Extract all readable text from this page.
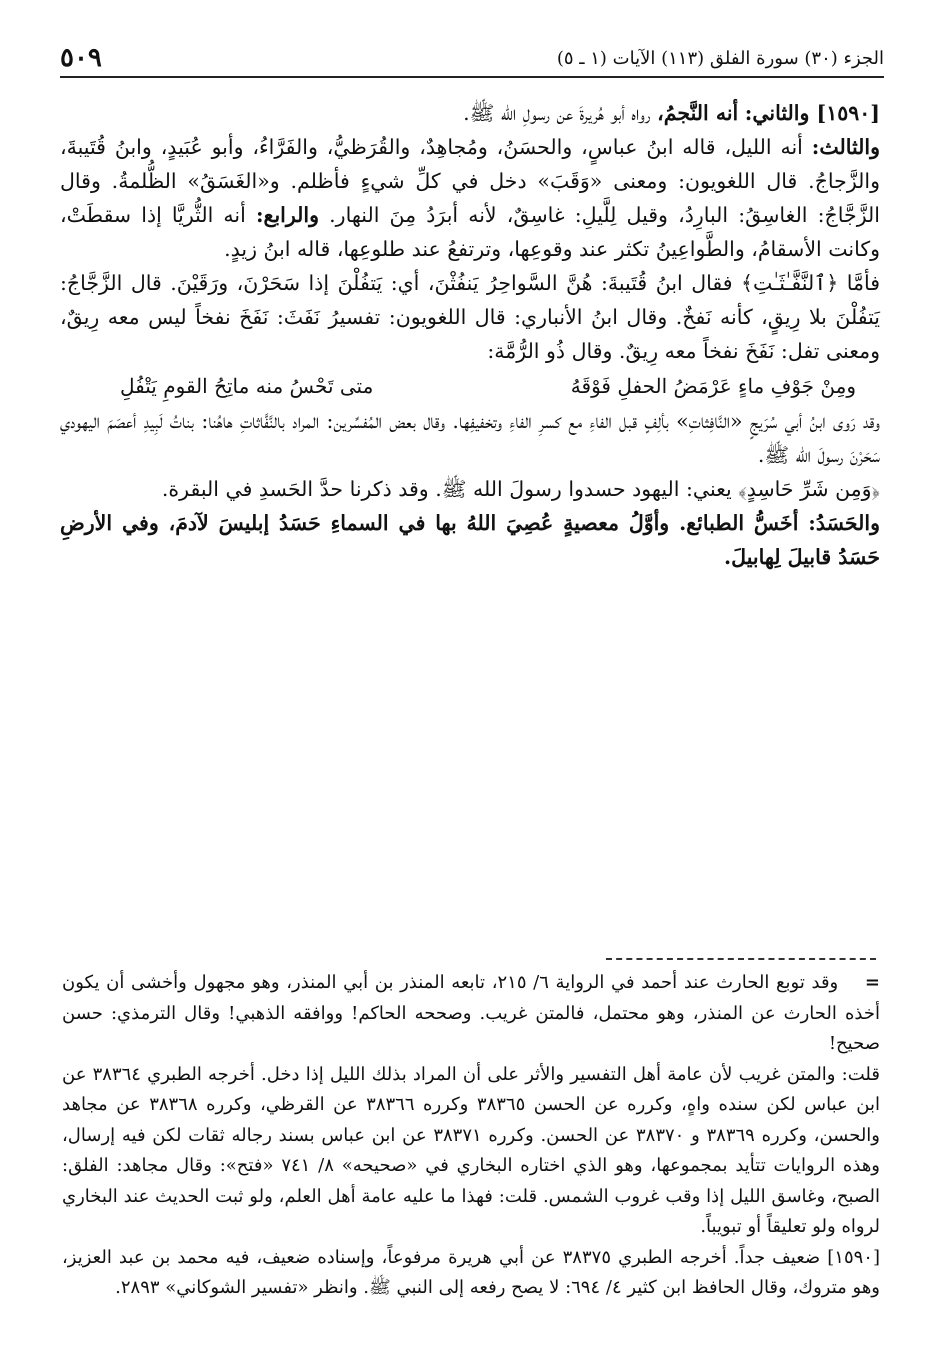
الجزء (٣٠) سورة الفلق (١١٣) الآيات (١ ـ ٥)
٥٠٩

[١٥٩٠] والثاني: أنه النَّجمُ، رواه أبو هُريرةَ عن رسولِ الله ﷺ.

والثالث: أنه الليل، قاله ابنُ عباسٍ، والحسَنُ، ومُجاهِدٌ، والقُرَظيُّ، والفَرَّاءُ، وأبو عُبَيدٍ، وابنُ قُتَيبةَ، والزَّجاجُ. قال اللغويون: ومعنى «وَقَبَ» دخل في كلِّ شيءٍ فأظلم. و«الغَسَقُ» الظُّلمةُ. وقال الزَّجَّاجُ: الغاسِقُ: البارِدُ، وقيل لِلَّيلِ: غاسِقٌ، لأنه أبرَدُ مِنَ النهار. والرابع: أنه الثُّريَّا إذا سقطَتْ، وكانت الأسقامُ، والطَّواعِينُ تكثر عند وقوعِها، وترتفعُ عند طلوعِها، قاله ابنُ زيدٍ.

فأمَّا ﴿ٱلنَّفَّـٰثَـٰتِ﴾ فقال ابنُ قُتَيبةَ: هُنَّ السَّواحِرُ يَنفُثْنَ، أي: يَتفُلْنَ إذا سَحَرْنَ، ورَقَيْنَ. قال الزَّجَّاجُ: يَتفُلْنَ بلا رِيقٍ، كأنه نَفخٌ. وقال ابنُ الأنباري: قال اللغويون: تفسيرُ نَفَثَ: نَفَخَ نفخاً ليس معه رِيقٌ، ومعنى تفل: نَفَخَ نفخاً معه رِيقٌ. وقال ذُو الرُّمَّة:

ومِنْ جَوْفِ ماءٍ عَرْمَضُ الحفلِ فَوْقَهُ
متى تَحْسُ منه ماتِحُ القومِ يَتْفُلِ

وقد رَوى ابنُ أبي سُرَيجٍ «النَّافِثاتِ» بألِفٍ قبل الفاءِ مع كسرِ الفاءِ وتخفيفِها. وقال بعض المُفسِّرين: المراد بالنَّفَّاثاتِ هاهُنا: بناتُ لَبِيدِ أعصَمَ اليهودي سَحَرْنَ رسولَ الله ﷺ.

﴿وَمِن شَرِّ حَاسِدٍ﴾ يعني: اليهود حسدوا رسولَ الله ﷺ. وقد ذكرنا حدَّ الحَسدِ في البقرة.

والحَسَدُ: أخَسُّ الطبائع. وأوَّلُ معصيةٍ عُصِيَ اللهُ بها في السماءِ حَسَدُ إبليسَ لآدمَ، وفي الأرضِ حَسَدُ قابيلَ لِهابيلَ.

= وقد توبع الحارث عند أحمد في الرواية ٦/ ٢١٥، تابعه المنذر بن أبي المنذر، وهو مجهول وأخشى أن يكون أخذه الحارث عن المنذر، وهو محتمل، فالمتن غريب. وصححه الحاكم! ووافقه الذهبي! وقال الترمذي: حسن صحيح!

قلت: والمتن غريب لأن عامة أهل التفسير والأثر على أن المراد بذلك الليل إذا دخل. أخرجه الطبري ٣٨٣٦٤ عن ابن عباس لكن سنده واهٍ، وكرره عن الحسن ٣٨٣٦٥ وكرره ٣٨٣٦٦ عن القرظي، وكرره ٣٨٣٦٨ عن مجاهد والحسن، وكرره ٣٨٣٦٩ و ٣٨٣٧٠ عن الحسن. وكرره ٣٨٣٧١ عن ابن عباس بسند رجاله ثقات لكن فيه إرسال، وهذه الروايات تتأيد بمجموعها، وهو الذي اختاره البخاري في «صحيحه» ٨/ ٧٤١ «فتح»: وقال مجاهد: الفلق: الصبح، وغاسق الليل إذا وقب غروب الشمس. قلت: فهذا ما عليه عامة أهل العلم، ولو ثبت الحديث عند البخاري لرواه ولو تعليقاً أو تبويباً.

[١٥٩٠] ضعيف جداً. أخرجه الطبري ٣٨٣٧٥ عن أبي هريرة مرفوعاً، وإسناده ضعيف، فيه محمد بن عبد العزيز، وهو متروك، وقال الحافظ ابن كثير ٤/ ٦٩٤: لا يصح رفعه إلى النبي ﷺ. وانظر «تفسير الشوكاني» ٢٨٩٣.
